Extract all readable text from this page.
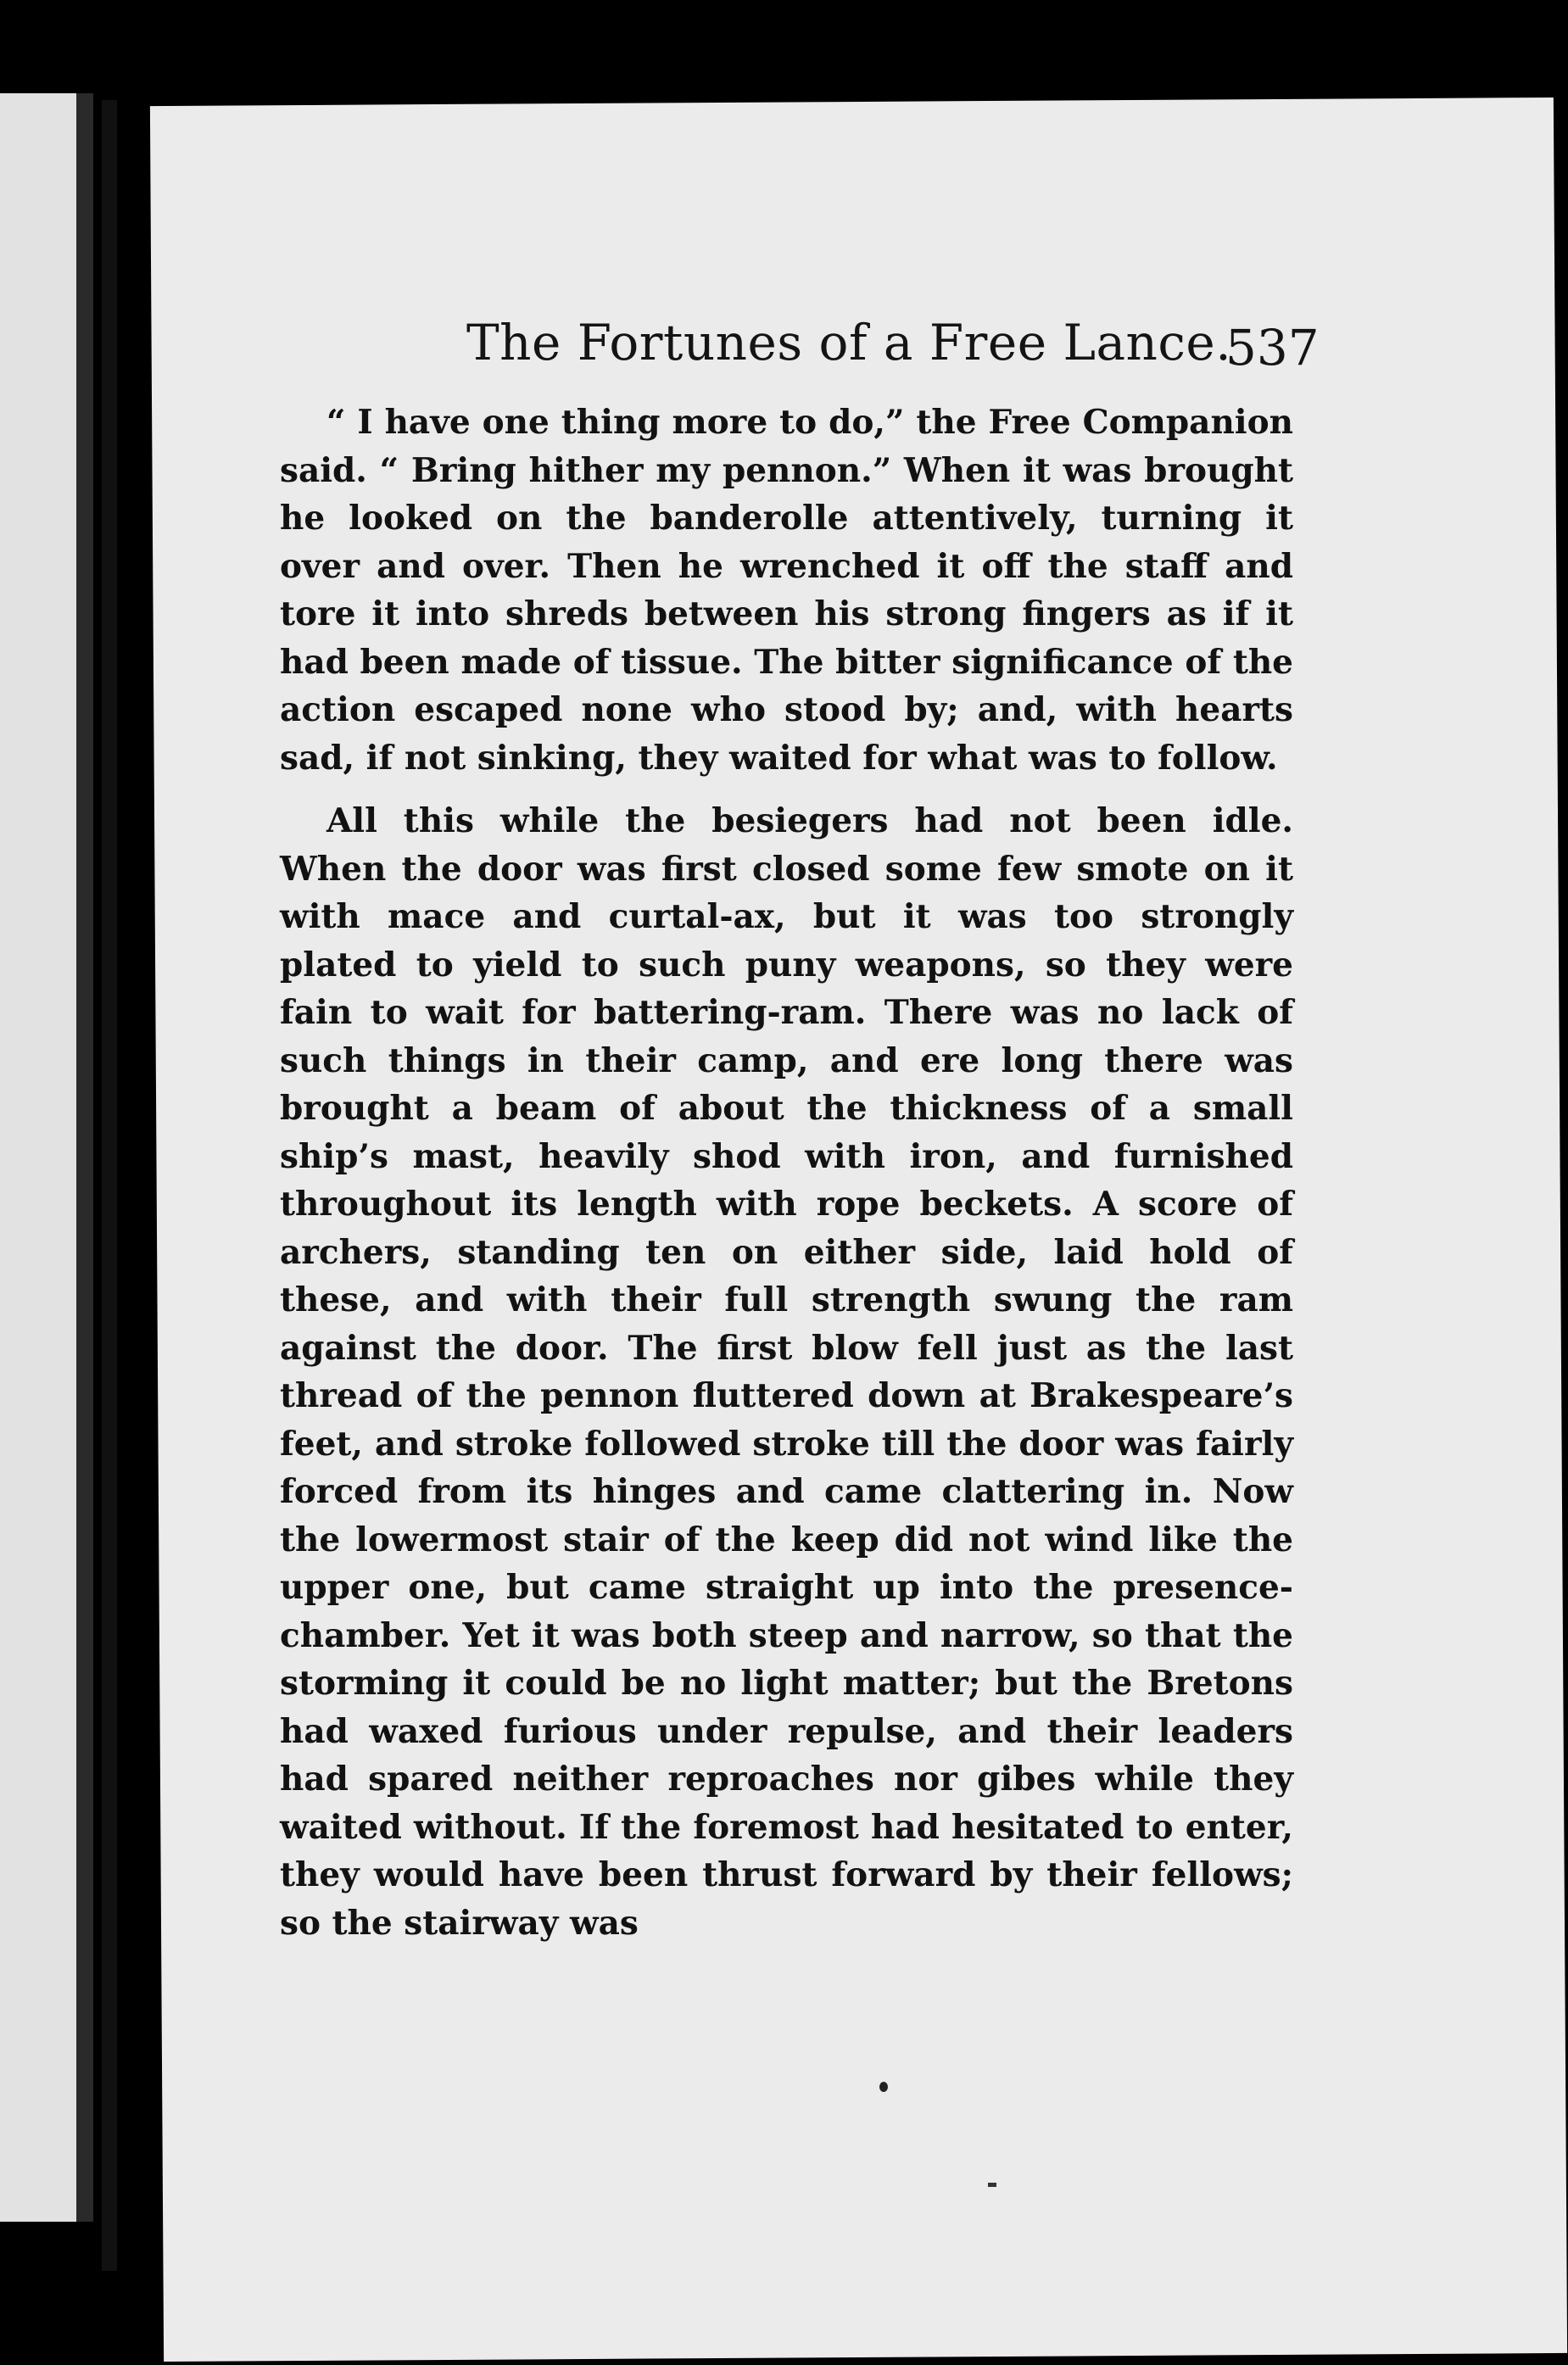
The Fortunes of a Free Lance.
537

“ I have one thing more to do,” the Free Companion said. “ Bring hither my pennon.” When it was brought he looked on the banderolle attentively, turning it over and over. Then he wrenched it off the staff and tore it into shreds between his strong fingers as if it had been made of tissue. The bitter significance of the action escaped none who stood by; and, with hearts sad, if not sinking, they waited for what was to follow.

All this while the besiegers had not been idle. When the door was first closed some few smote on it with mace and curtal-ax, but it was too strongly plated to yield to such puny weapons, so they were fain to wait for battering-ram. There was no lack of such things in their camp, and ere long there was brought a beam of about the thickness of a small ship’s mast, heavily shod with iron, and furnished throughout its length with rope beckets. A score of archers, standing ten on either side, laid hold of these, and with their full strength swung the ram against the door. The first blow fell just as the last thread of the pennon fluttered down at Brakespeare’s feet, and stroke followed stroke till the door was fairly forced from its hinges and came clattering in. Now the lowermost stair of the keep did not wind like the upper one, but came straight up into the presence-chamber. Yet it was both steep and narrow, so that the storming it could be no light matter; but the Bretons had waxed furious under repulse, and their leaders had spared neither reproaches nor gibes while they waited without. If the foremost had hesitated to enter, they would have been thrust forward by their fellows; so the stairway was
